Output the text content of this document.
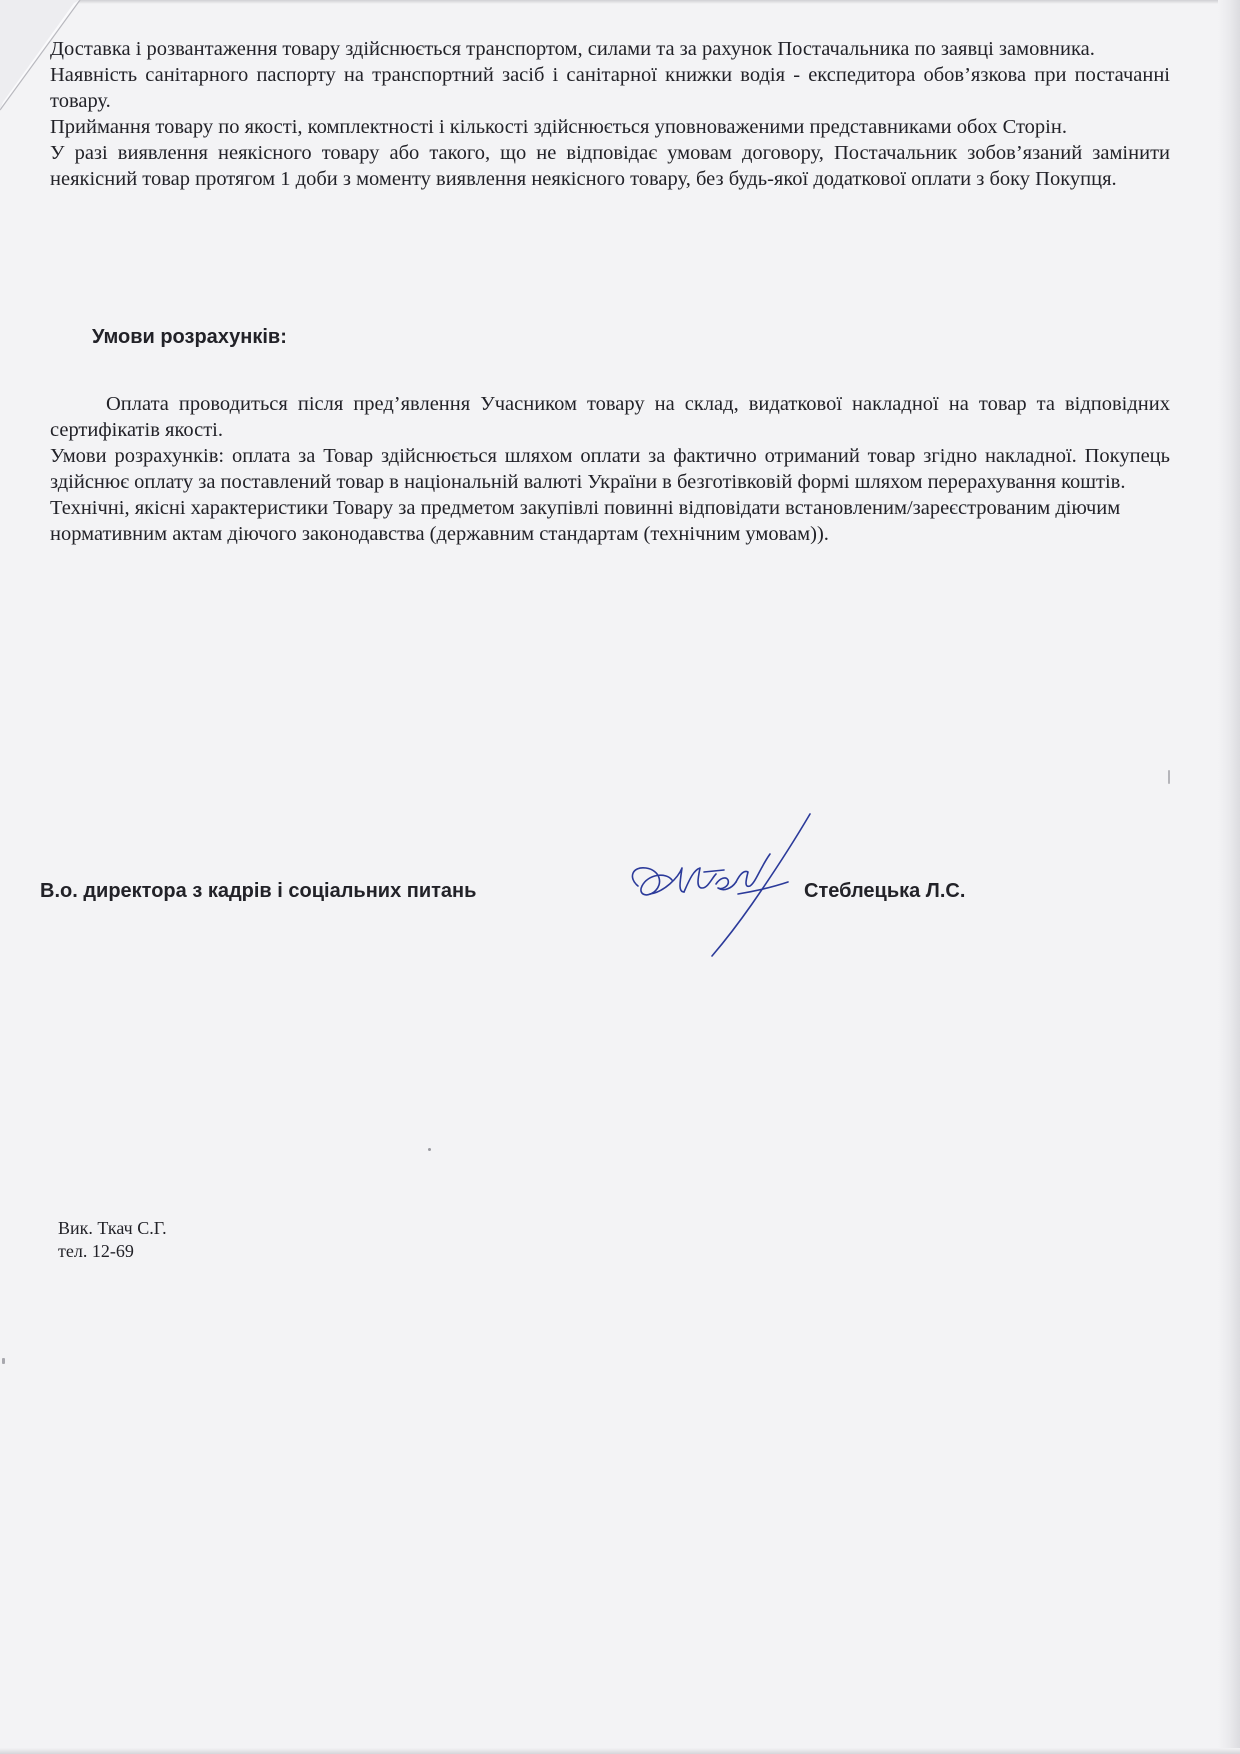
Доставка і розвантаження товару здійснюється транспортом, силами та за рахунок Постачальника по заявці замовника.

Наявність санітарного паспорту на транспортний засіб і санітарної книжки водія - експедитора обов’язкова при постачанні товару.

Приймання товару по якості, комплектності і кількості здійснюється уповноваженими представниками обох Сторін.

У разі виявлення неякісного товару або такого, що не відповідає умовам договору, Постачальник зобов’язаний замінити неякісний товар протягом 1 доби з моменту виявлення неякісного товару, без будь-якої додаткової оплати з боку Покупця.

Умови розрахунків:

Оплата проводиться після пред’явлення Учасником товару на склад, видаткової накладної на товар та відповідних сертифікатів якості.

Умови розрахунків: оплата за Товар здійснюється шляхом оплати за фактично отриманий товар згідно накладної. Покупець здійснює оплату за поставлений товар в національній валюті України в безготівковій формі шляхом перерахування коштів.

Технічні, якісні характеристики Товару за предметом закупівлі повинні відповідати встановленим/зареєстрованим діючим нормативним актам діючого законодавства (державним стандартам (технічним умовам)).

В.о. директора з кадрів і соціальних питань	Стеблецька Л.С.

Вик. Ткач С.Г.

тел. 12-69
